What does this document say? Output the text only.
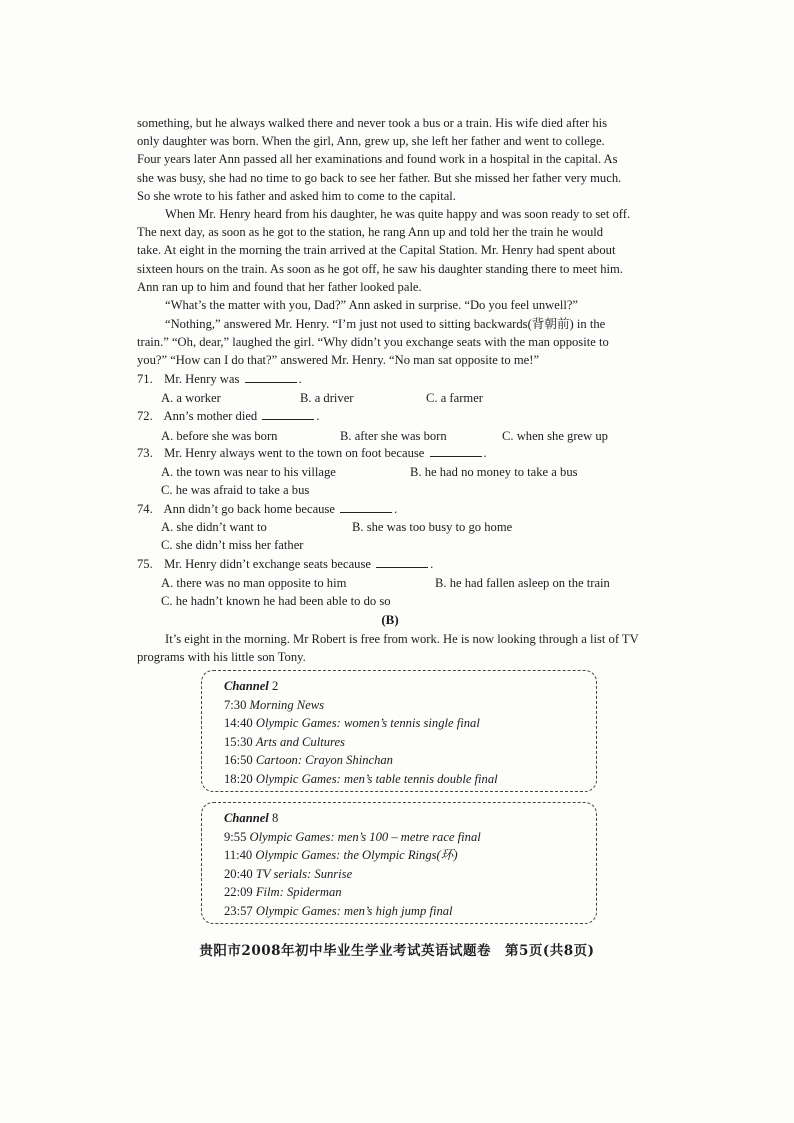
something, but he always walked there and never took a bus or a train. His wife died after his
only daughter was born. When the girl, Ann, grew up, she left her father and went to college.
Four years later Ann passed all her examinations and found work in a hospital in the capital. As
she was busy, she had no time to go back to see her father. But she missed her father very much.
So she wrote to his father and asked him to come to the capital.
When Mr. Henry heard from his daughter, he was quite happy and was soon ready to set off.
The next day, as soon as he got to the station, he rang Ann up and told her the train he would
take. At eight in the morning the train arrived at the Capital Station. Mr. Henry had spent about
sixteen hours on the train. As soon as he got off, he saw his daughter standing there to meet him.
Ann ran up to him and found that her father looked pale.
“What’s the matter with you, Dad?” Ann asked in surprise. “Do you feel unwell?”
“Nothing,” answered Mr. Henry. “I’m just not used to sitting backwards(背朝前) in the
train.” “Oh, dear,” laughed the girl. “Why didn’t you exchange seats with the man opposite to
you?” “How can I do that?” answered Mr. Henry. “No man sat opposite to me!”
71. Mr. Henry was	.
A. a worker	B. a driver	C. a farmer
72. Ann’s mother died	.
A. before she was born	B. after she was born	C. when she grew up
73. Mr. Henry always went to the town on foot because	.
A. the town was near to his village	B. he had no money to take a bus
C. he was afraid to take a bus
74. Ann didn’t go back home because	.
A. she didn’t want to	B. she was too busy to go home
C. she didn’t miss her father
75. Mr. Henry didn’t exchange seats because	.
A. there was no man opposite to him	B. he had fallen asleep on the train
C. he hadn’t known he had been able to do so
(B)
It’s eight in the morning. Mr Robert is free from work. He is now looking through a list of TV
programs with his little son Tony.
Channel 2
7:30 Morning News
14:40 Olympic Games: women’s tennis single final
15:30 Arts and Cultures
16:50 Cartoon: Crayon Shinchan
18:20 Olympic Games: men’s table tennis double final
Channel 8
9:55 Olympic Games: men’s 100 – metre race final
11:40 Olympic Games: the Olympic Rings(环)
20:40 TV serials: Sunrise
22:09 Film: Spiderman
23:57 Olympic Games: men’s high jump final
贵阳市2008年初中毕业生学业考试英语试题卷　第5页(共8页)
